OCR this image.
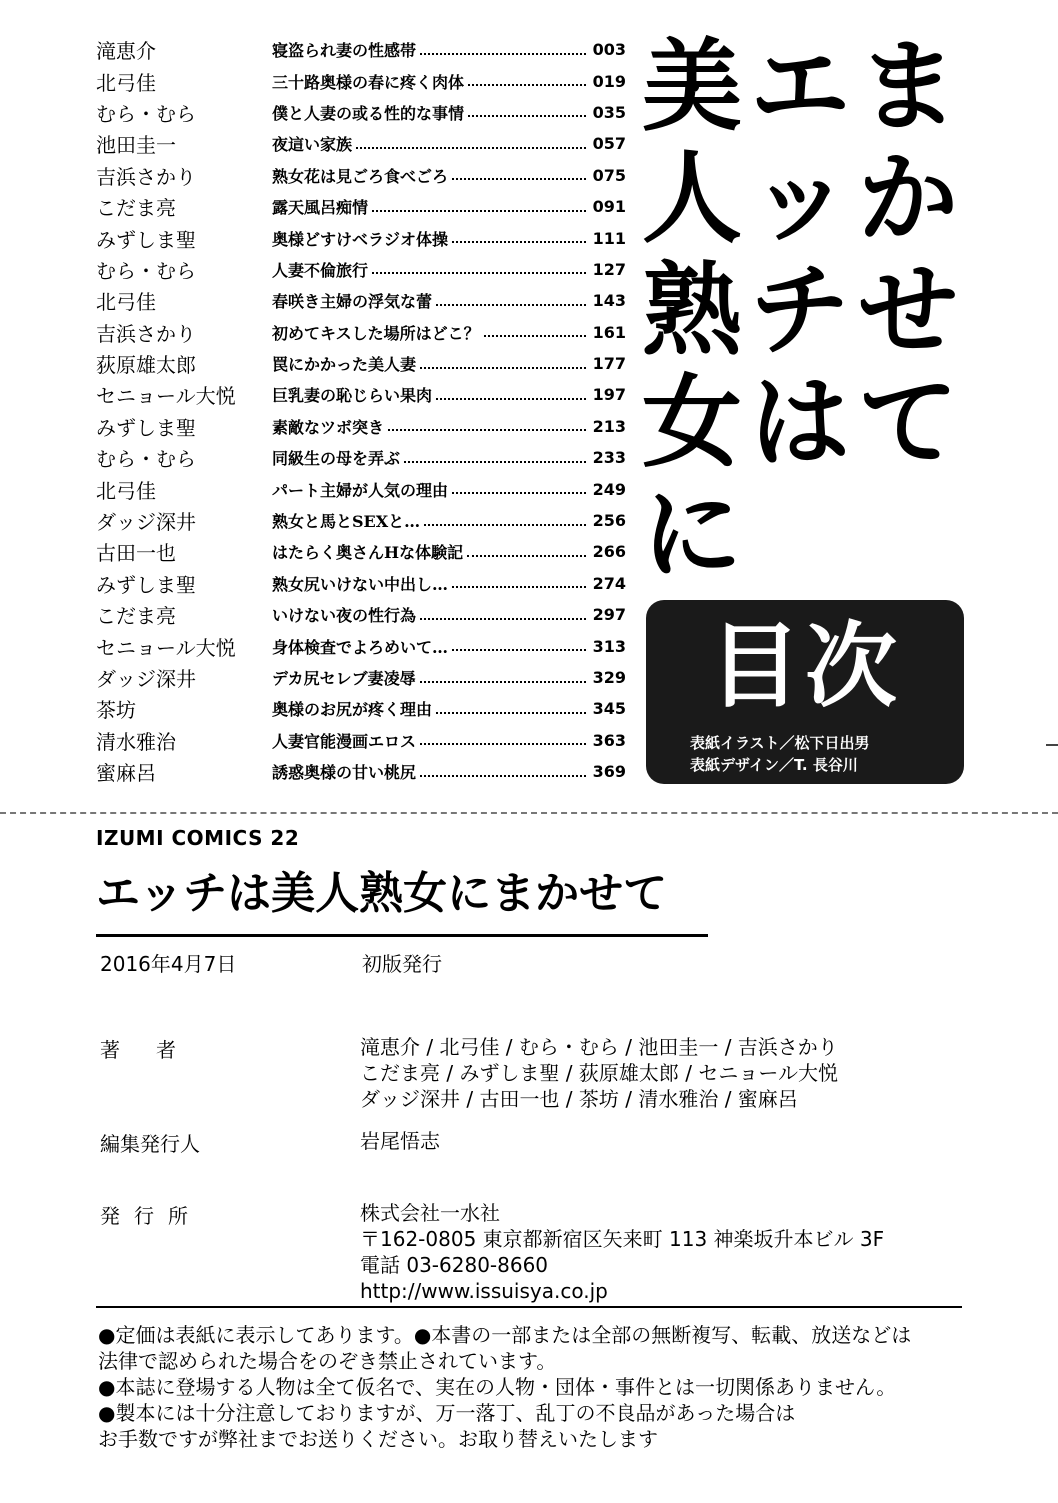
滝恵介	寝盗られ妻の性感帯	003
北弓佳	三十路奥様の春に疼く肉体	019
むら・むら	僕と人妻の或る性的な事情	035
池田圭一	夜這い家族	057
吉浜さかり	熟女花は見ごろ食べごろ	075
こだま亮	露天風呂痴情	091
みずしま聖	奥様どすけベラジオ体操	111
むら・むら	人妻不倫旅行	127
北弓佳	春咲き主婦の浮気な蕾	143
吉浜さかり	初めてキスした場所はどこ？	161
荻原雄太郎	罠にかかった美人妻	177
セニョール大悦	巨乳妻の恥じらい果肉	197
みずしま聖	素敵なツボ突き	213
むら・むら	同級生の母を弄ぶ	233
北弓佳	パート主婦が人気の理由	249
ダッジ深井	熟女と馬とSEXと…	256
古田一也	はたらく奥さんHな体験記	266
みずしま聖	熟女尻いけない中出し…	274
こだま亮	いけない夜の性行為	297
セニョール大悦	身体検査でよろめいて…	313
ダッジ深井	デカ尻セレブ妻凌辱	329
茶坊	奥様のお尻が疼く理由	345
清水雅治	人妻官能漫画エロス	363
蜜麻呂	誘惑奥様の甘い桃尻	369
美
人
熟
女
に
エ
ッ
チ
は
ま
か
せ
て
目次
表紙イラスト／松下日出男
表紙デザイン／T. 長谷川
IZUMI COMICS 22
エッチは美人熟女にまかせて
2016年4月7日	初版発行
著者	滝恵介 / 北弓佳 / むら・むら / 池田圭一 / 吉浜さかり
こだま亮 / みずしま聖 / 荻原雄太郎 / セニョール大悦
ダッジ深井 / 古田一也 / 茶坊 / 清水雅治 / 蜜麻呂
編集発行人	岩尾悟志
発行所	株式会社一水社
〒162-0805 東京都新宿区矢来町 113 神楽坂升本ビル 3F
電話 03-6280-8660
http://www.issuisya.co.jp
●定価は表紙に表示してあります。●本書の一部または全部の無断複写、転載、放送などは
法律で認められた場合をのぞき禁止されています。
●本誌に登場する人物は全て仮名で、実在の人物・団体・事件とは一切関係ありません。
●製本には十分注意しておりますが、万一落丁、乱丁の不良品があった場合は
お手数ですが弊社までお送りください。お取り替えいたします
